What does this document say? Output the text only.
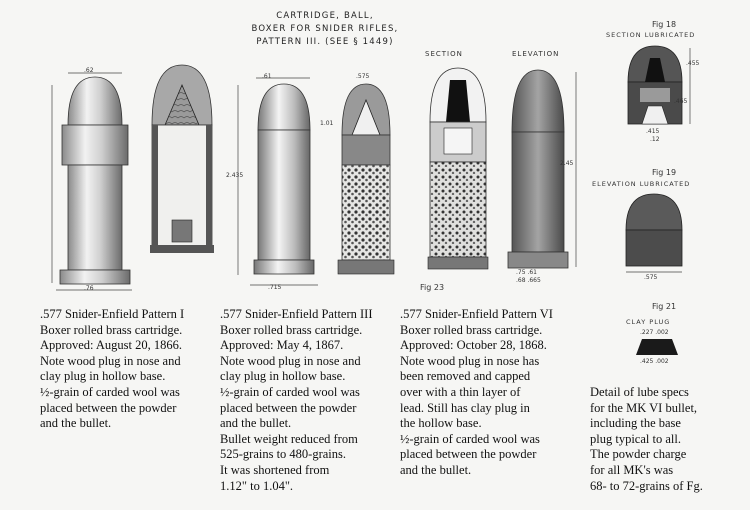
CARTRIDGE, BALL,
BOXER FOR SNIDER RIFLES,
PATTERN III. (SEE § 1449)
.62
.76
.61	.575
1.01
2.435
.715
SECTION	ELEVATION
2.45
.75 .61
.68 .665
Fig 23
Fig 18
SECTION LUBRICATED
.455
.465
.415
.12
Fig 19
ELEVATION LUBRICATED
.575
Fig 21
CLAY PLUG
.227 .002
.425 .002
.577 Snider-Enfield Pattern I
Boxer rolled brass cartridge.
Approved: August 20, 1866.
Note wood plug in nose and
clay plug in hollow base.
½-grain of carded wool was
placed between the powder
and the bullet.
.577 Snider-Enfield Pattern III
Boxer rolled brass cartridge.
Approved: May 4, 1867.
Note wood plug in nose and
clay plug in hollow base.
½-grain of carded wool was
placed between the powder
and the bullet.
Bullet weight reduced from
525-grains to 480-grains.
It was shortened from
1.12" to 1.04".
.577 Snider-Enfield Pattern VI
Boxer rolled brass cartridge.
Approved: October 28, 1868.
Note wood plug in nose has
been removed and capped
over with a thin layer of
lead. Still has clay plug in
the hollow base.
½-grain of carded wool was
placed between the powder
and the bullet.
Detail of lube specs
for the MK VI bullet,
including the base
plug typical to all.
The powder charge
for all MK's was
68- to 72-grains of Fg.
